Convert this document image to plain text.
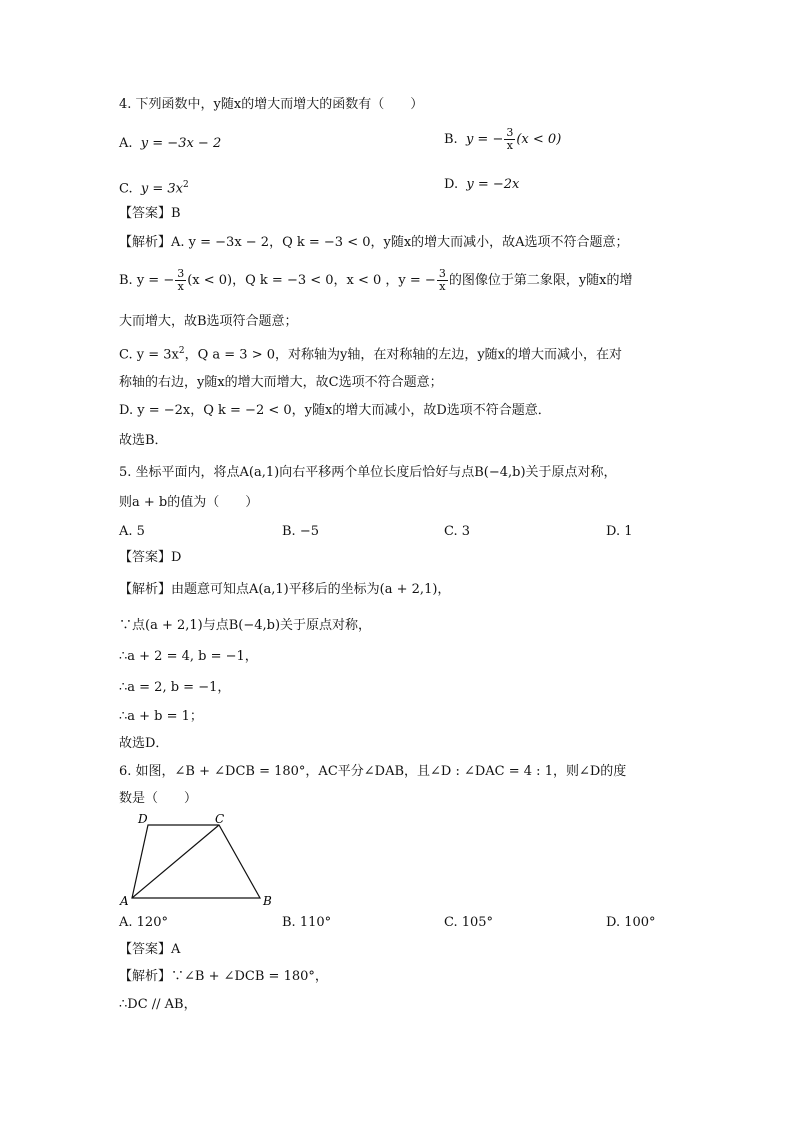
4. 下列函数中，y随x的增大而增大的函数有（　　）
A. y = −3x − 2	B. y = − $\frac{3}{x} (x < 0)$
C. $y = 3x^2$	D. y = −2x
【答案】B
【解析】A. y = −3x − 2，Q k = −3 < 0，y随x的增大而减小，故A选项不符合题意；
B. y = − $\frac{3}{x} (x < 0)$，Q k = −3 < 0，x < 0 ，y = − $\frac{3}{x}$ 的图像位于第二象限，y随x的增
大而增大，故B选项符合题意；
C. $y = 3x^2$，Q a = 3 > 0，对称轴为y轴，在对称轴的左边，y随x的增大而减小，在对
称轴的右边，y随x的增大而增大，故C选项不符合题意；
D. y = −2x，Q k = −2 < 0，y随x的增大而减小，故D选项不符合题意．
故选B．
5. 坐标平面内，将点A(a,1)向右平移两个单位长度后恰好与点B(−4,b)关于原点对称，
则a + b的值为（　　）
A. 5	B. −5	C. 3	D. 1
【答案】D
【解析】由题意可知点A(a,1)平移后的坐标为(a + 2,1)，
∵点(a + 2,1)与点B(−4,b)关于原点对称，
∴a + 2 = 4, b = −1，
∴a = 2, b = −1，
∴a + b = 1；
故选D．
6. 如图，∠B + ∠DCB = 180°，AC平分∠DAB，且∠D : ∠DAC = 4 : 1，则∠D的度
数是（　　）
D	C
A	B
A. 120°	B. 110°	C. 105°	D. 100°
【答案】A
【解析】∵∠B + ∠DCB = 180°，
∴DC // AB，
